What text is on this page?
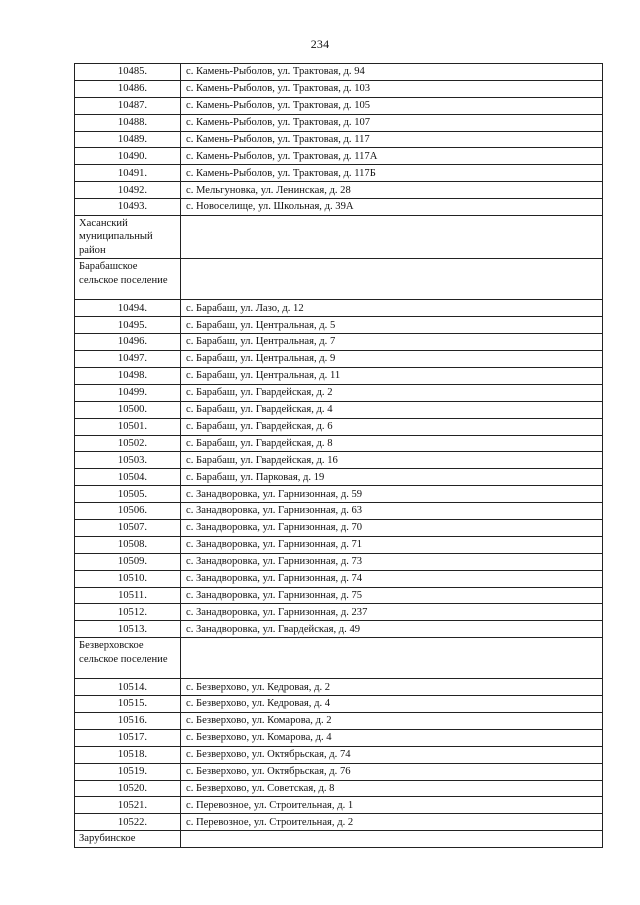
234
10485.	с. Камень-Рыболов, ул. Трактовая, д. 94
10486.	с. Камень-Рыболов, ул. Трактовая, д. 103
10487.	с. Камень-Рыболов, ул. Трактовая, д. 105
10488.	с. Камень-Рыболов, ул. Трактовая, д. 107
10489.	с. Камень-Рыболов, ул. Трактовая, д. 117
10490.	с. Камень-Рыболов, ул. Трактовая, д. 117А
10491.	с. Камень-Рыболов, ул. Трактовая, д. 117Б
10492.	с. Мельгуновка, ул. Ленинская, д. 28
10493.	с. Новоселище, ул. Школьная, д. 39А
Хасанский муниципальный район	
Барабашское сельское поселение	
10494.	с. Барабаш, ул. Лазо, д. 12
10495.	с. Барабаш, ул. Центральная, д. 5
10496.	с. Барабаш, ул. Центральная, д. 7
10497.	с. Барабаш, ул. Центральная, д. 9
10498.	с. Барабаш, ул. Центральная, д. 11
10499.	с. Барабаш, ул. Гвардейская, д. 2
10500.	с. Барабаш, ул. Гвардейская, д. 4
10501.	с. Барабаш, ул. Гвардейская, д. 6
10502.	с. Барабаш, ул. Гвардейская, д. 8
10503.	с. Барабаш, ул. Гвардейская, д. 16
10504.	с. Барабаш, ул. Парковая, д. 19
10505.	с. Занадворовка, ул. Гарнизонная, д. 59
10506.	с. Занадворовка, ул. Гарнизонная, д. 63
10507.	с. Занадворовка, ул. Гарнизонная, д. 70
10508.	с. Занадворовка, ул. Гарнизонная, д. 71
10509.	с. Занадворовка, ул. Гарнизонная, д. 73
10510.	с. Занадворовка, ул. Гарнизонная, д. 74
10511.	с. Занадворовка, ул. Гарнизонная, д. 75
10512.	с. Занадворовка, ул. Гарнизонная, д. 237
10513.	с. Занадворовка, ул. Гвардейская, д. 49
Безверховское сельское поселение	
10514.	с. Безверхово, ул. Кедровая, д. 2
10515.	с. Безверхово, ул. Кедровая, д. 4
10516.	с. Безверхово, ул. Комарова, д. 2
10517.	с. Безверхово, ул. Комарова, д. 4
10518.	с. Безверхово, ул. Октябрьская, д. 74
10519.	с. Безверхово, ул. Октябрьская, д. 76
10520.	с. Безверхово, ул. Советская, д. 8
10521.	с. Перевозное, ул. Строительная, д. 1
10522.	с. Перевозное, ул. Строительная, д. 2
Зарубинское	
